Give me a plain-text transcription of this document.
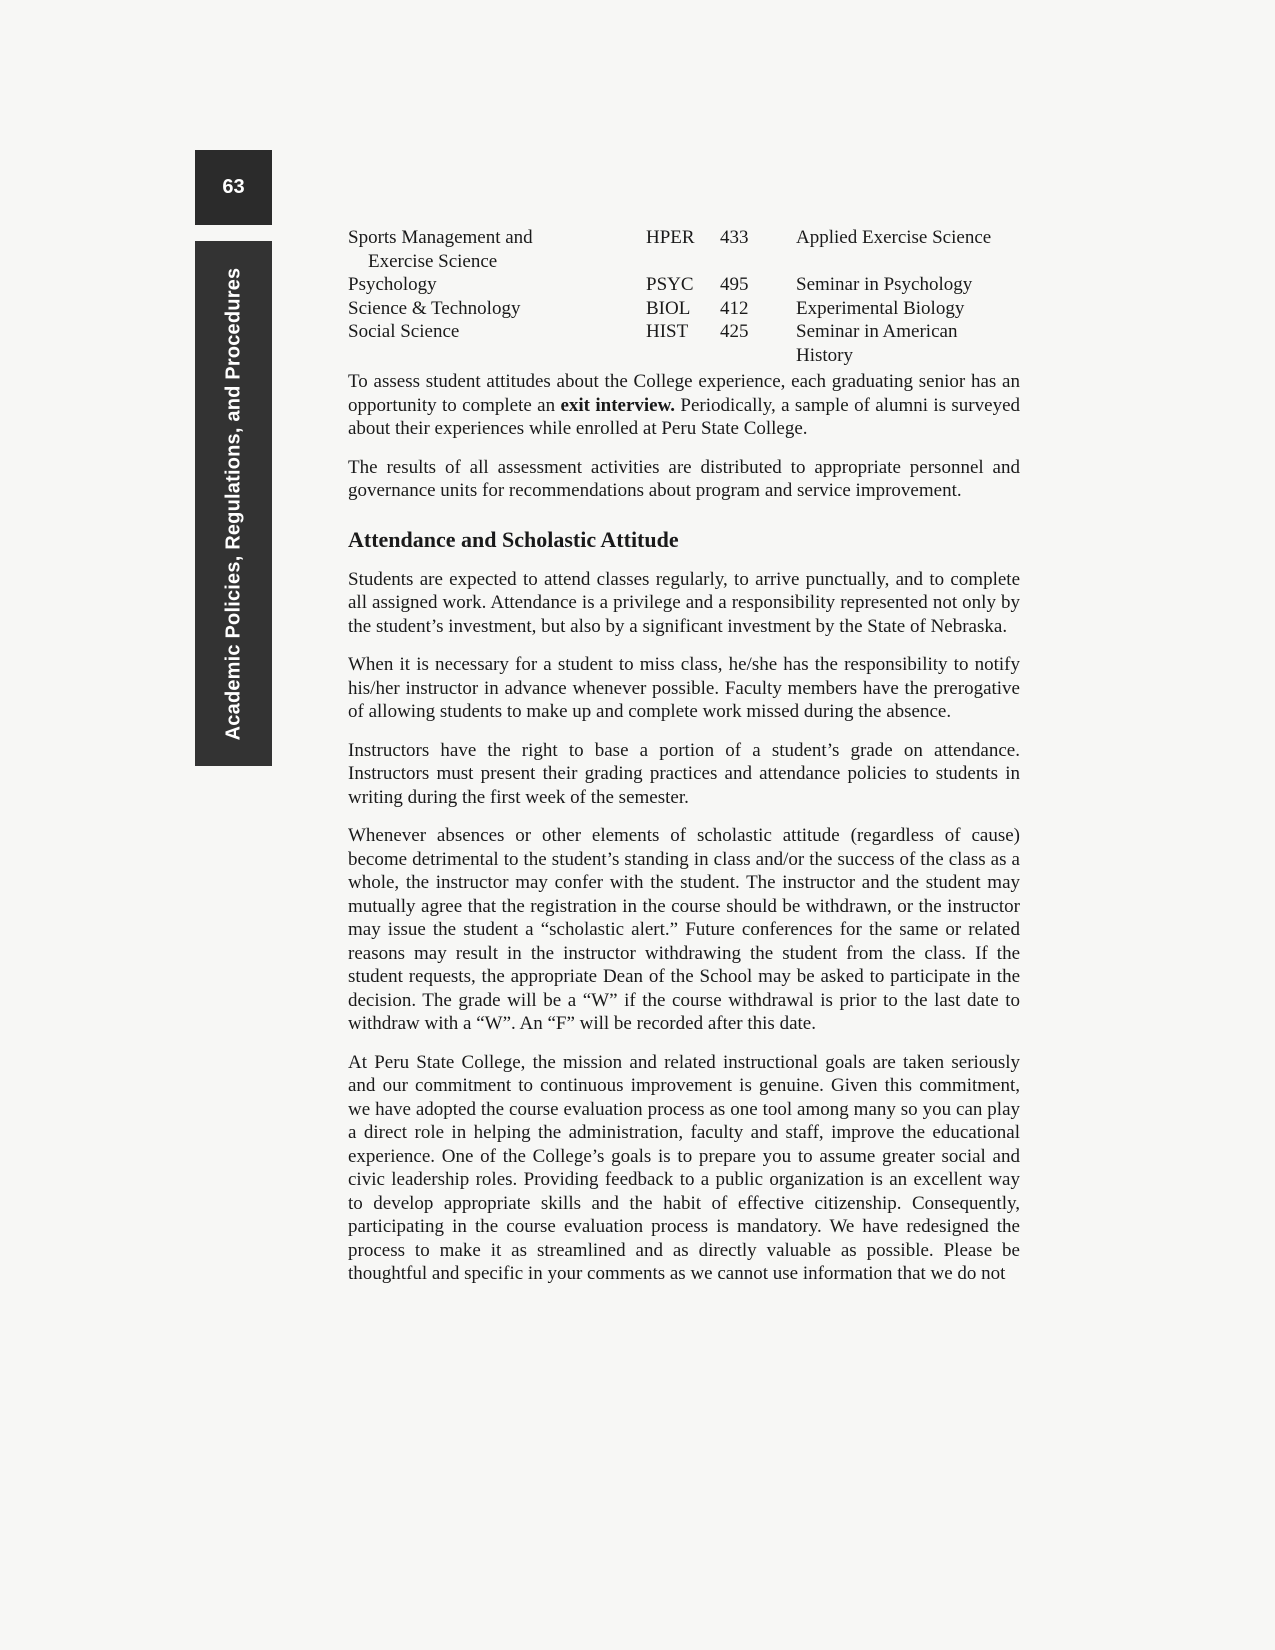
63
Academic Policies, Regulations, and Procedures
Sports Management and
Exercise Science	HPER	433	Applied Exercise Science
Psychology	PSYC	495	Seminar in Psychology
Science & Technology	BIOL	412	Experimental Biology
Social Science	HIST	425	Seminar in American
History

To assess student attitudes about the College experience, each graduating senior has an opportunity to complete an exit interview. Periodically, a sample of alumni is surveyed about their experiences while enrolled at Peru State College.

The results of all assessment activities are distributed to appropriate personnel and governance units for recommendations about program and service improvement.

Attendance and Scholastic Attitude

Students are expected to attend classes regularly, to arrive punctually, and to complete all assigned work. Attendance is a privilege and a responsibility represented not only by the student’s investment, but also by a significant investment by the State of Nebraska.

When it is necessary for a student to miss class, he/she has the responsibility to notify his/her instructor in advance whenever possible. Faculty members have the prerogative of allowing students to make up and complete work missed during the absence.

Instructors have the right to base a portion of a student’s grade on attendance. Instructors must present their grading practices and attendance policies to students in writing during the first week of the semester.

Whenever absences or other elements of scholastic attitude (regardless of cause) become detrimental to the student’s standing in class and/or the success of the class as a whole, the instructor may confer with the student. The instructor and the student may mutually agree that the registration in the course should be withdrawn, or the instructor may issue the student a “scholastic alert.” Future conferences for the same or related reasons may result in the instructor withdrawing the student from the class. If the student requests, the appropriate Dean of the School may be asked to participate in the decision. The grade will be a “W” if the course withdrawal is prior to the last date to withdraw with a “W”. An “F” will be recorded after this date.

At Peru State College, the mission and related instructional goals are taken seriously and our commitment to continuous improvement is genuine. Given this commitment, we have adopted the course evaluation process as one tool among many so you can play a direct role in helping the administration, faculty and staff, improve the educational experience. One of the College’s goals is to prepare you to assume greater social and civic leadership roles. Providing feedback to a public organization is an excellent way to develop appropriate skills and the habit of effective citizenship. Consequently, participating in the course evaluation process is mandatory. We have redesigned the process to make it as streamlined and as directly valuable as possible. Please be thoughtful and specific in your comments as we cannot use information that we do not
